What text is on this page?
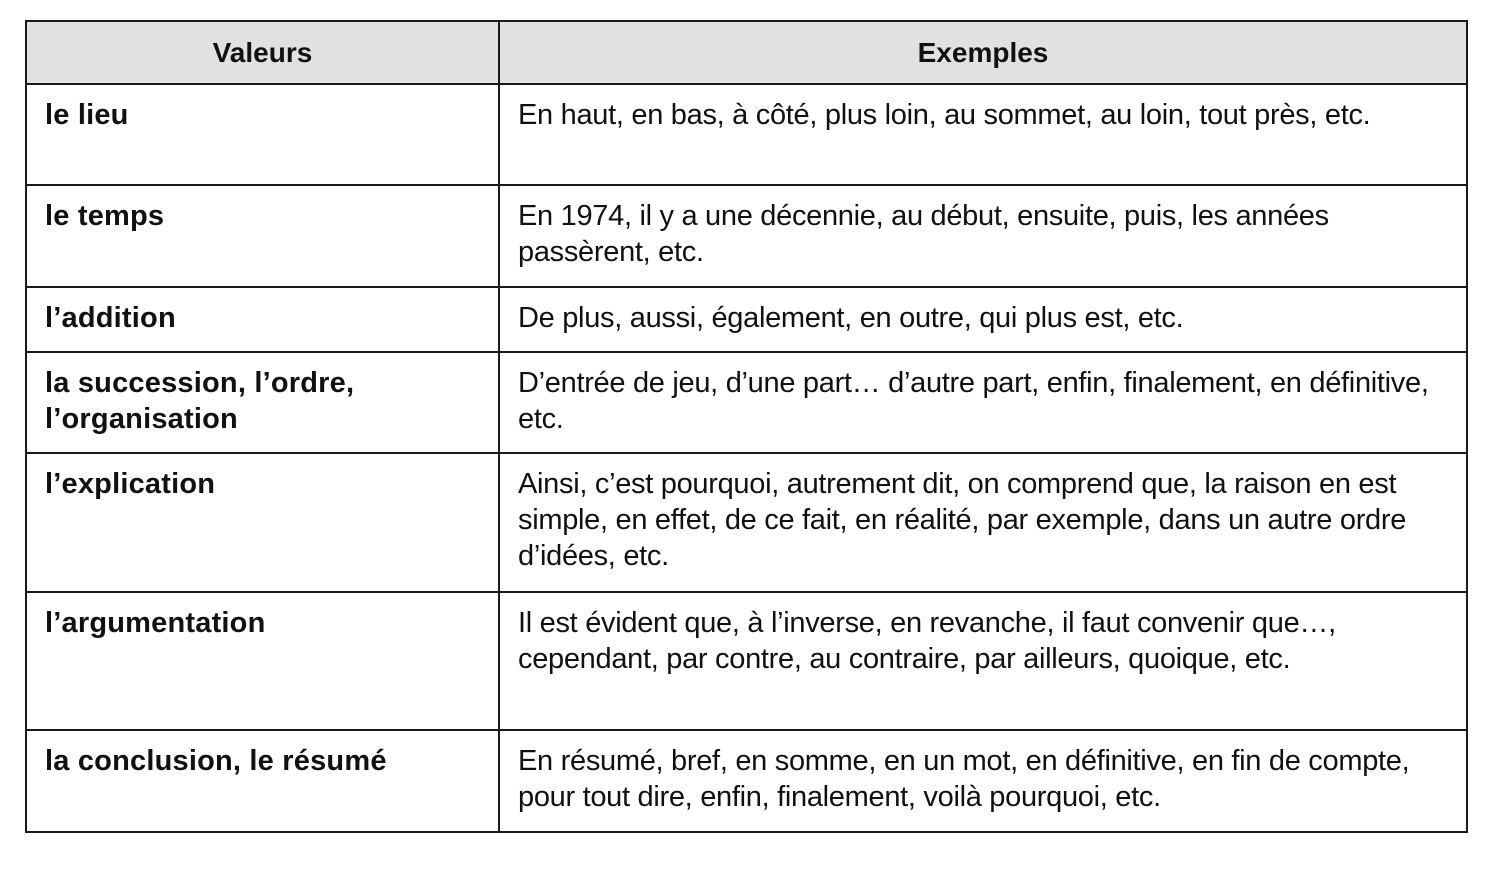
Valeurs	Exemples
le lieu	En haut, en bas, à côté, plus loin, au sommet, au loin, tout près, etc.
le temps	En 1974, il y a une décennie, au début, ensuite, puis, les années passèrent, etc.
l’addition	De plus, aussi, également, en outre, qui plus est, etc.
la succession, l’ordre, l’organisation	D’entrée de jeu, d’une part… d’autre part, enfin, finalement, en définitive, etc.
l’explication	Ainsi, c’est pourquoi, autrement dit, on comprend que, la raison en est simple, en effet, de ce fait, en réalité, par exemple, dans un autre ordre d’idées, etc.
l’argumentation	Il est évident que, à l’inverse, en revanche, il faut convenir que…, cependant, par contre, au contraire, par ailleurs, quoique, etc.
la conclusion, le résumé	En résumé, bref, en somme, en un mot, en définitive, en fin de compte, pour tout dire, enfin, finalement, voilà pourquoi, etc.
